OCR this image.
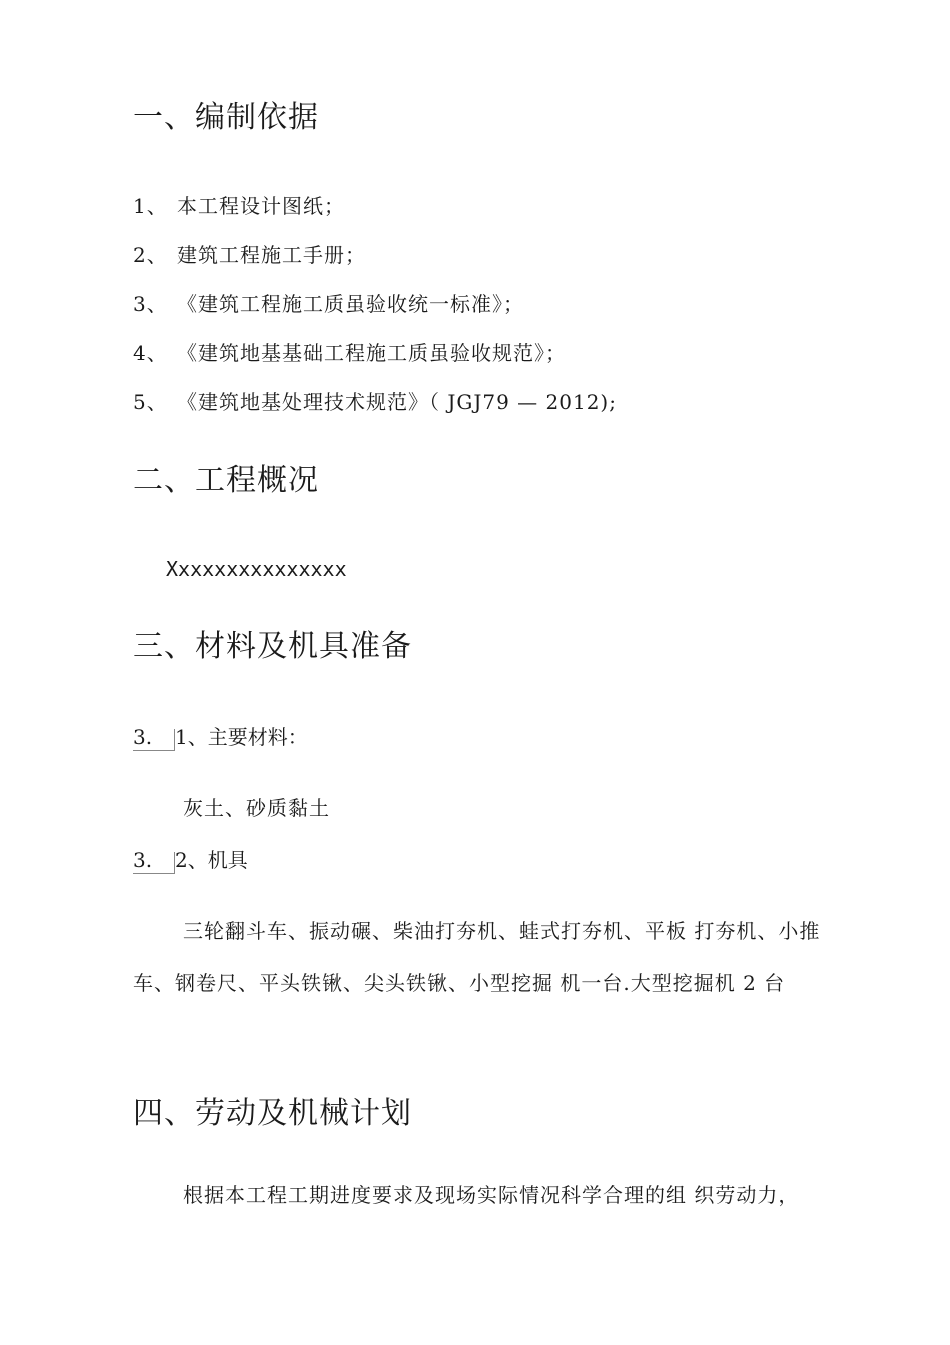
一、编制依据
1、 本工程设计图纸；
2、 建筑工程施工手册；
3、 《建筑工程施工质虽验收统一标准》；
4、 《建筑地基基础工程施工质虽验收规范》；
5、 《建筑地基处理技术规范》（ JGJ79 — 2012);
二、工程概况
Xxxxxxxxxxxxxxx
三、材料及机具准备
3. 1、主要材料：
灰土、砂质黏土
3. 2、机具
三轮翻斗车、振动碾、柴油打夯机、蛙式打夯机、平板 打夯机、小推车、钢卷尺、平头铁锹、尖头铁锹、小型挖掘 机一台.大型挖掘机 2 台
四、劳动及机械计划
根据本工程工期进度要求及现场实际情况科学合理的组 织劳动力，
